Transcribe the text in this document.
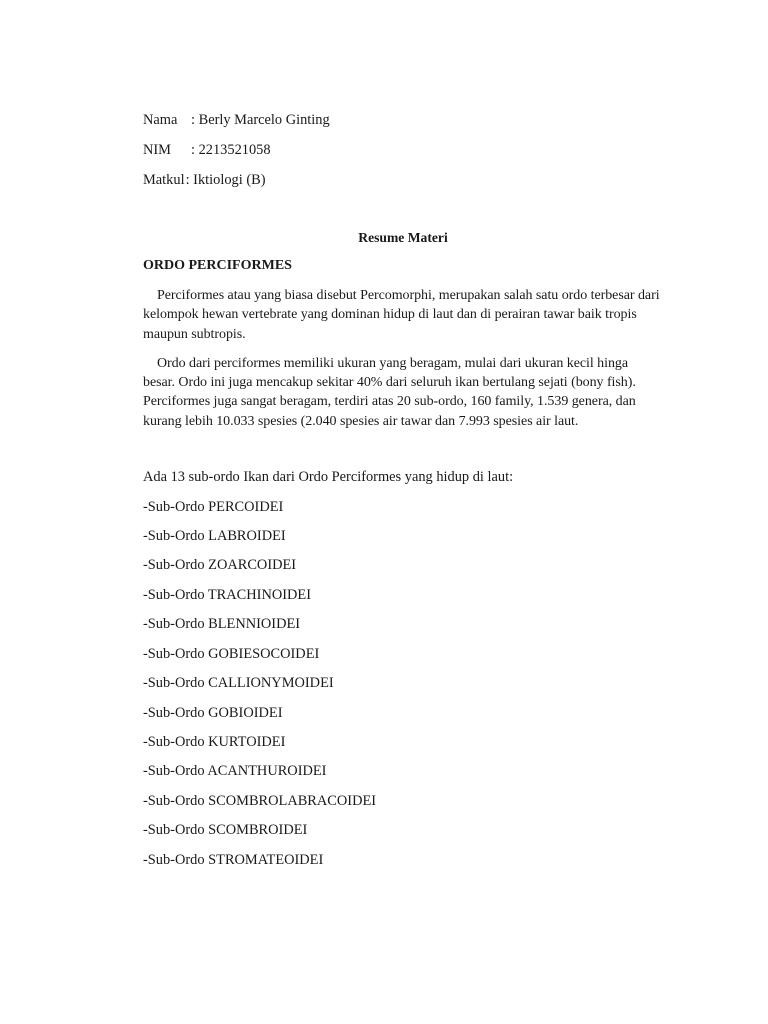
Nama : Berly Marcelo Ginting
NIM	: 2213521058
Matkul : Iktiologi (B)
Resume Materi
ORDO PERCIFORMES

Perciformes atau yang biasa disebut Percomorphi, merupakan salah satu ordo terbesar dari kelompok hewan vertebrate yang dominan hidup di laut dan di perairan tawar baik tropis maupun subtropis.

Ordo dari perciformes memiliki ukuran yang beragam, mulai dari ukuran kecil hinga besar. Ordo ini juga mencakup sekitar 40% dari seluruh ikan bertulang sejati (bony fish). Perciformes juga sangat beragam, terdiri atas 20 sub-ordo, 160 family, 1.539 genera, dan kurang lebih 10.033 spesies (2.040 spesies air tawar dan 7.993 spesies air laut.

Ada 13 sub-ordo Ikan dari Ordo Perciformes yang hidup di laut:
-Sub-Ordo PERCOIDEI
-Sub-Ordo LABROIDEI
-Sub-Ordo ZOARCOIDEI
-Sub-Ordo TRACHINOIDEI
-Sub-Ordo BLENNIOIDEI
-Sub-Ordo GOBIESOCOIDEI
-Sub-Ordo CALLIONYMOIDEI
-Sub-Ordo GOBIOIDEI
-Sub-Ordo KURTOIDEI
-Sub-Ordo ACANTHUROIDEI
-Sub-Ordo SCOMBROLABRACOIDEI
-Sub-Ordo SCOMBROIDEI
-Sub-Ordo STROMATEOIDEI
